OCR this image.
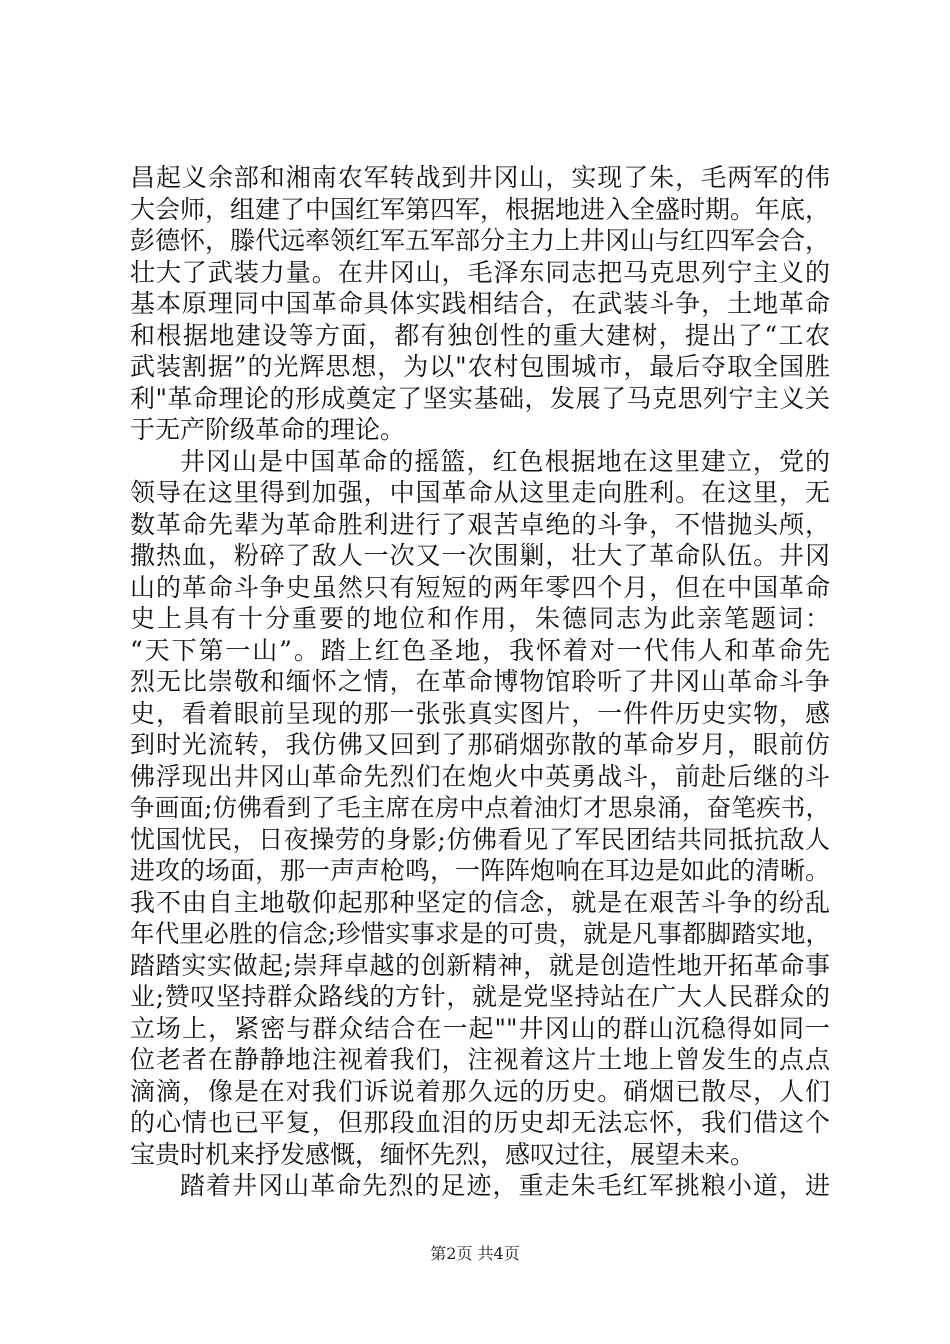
昌起义余部和湘南农军转战到井冈山，实现了朱，毛两军的伟
大会师，组建了中国红军第四军，根据地进入全盛时期。年底，
彭德怀，滕代远率领红军五军部分主力上井冈山与红四军会合，
壮大了武装力量。在井冈山，毛泽东同志把马克思列宁主义的
基本原理同中国革命具体实践相结合，在武装斗争，土地革命
和根据地建设等方面，都有独创性的重大建树，提出了“工农
武装割据”的光辉思想，为以"农村包围城市，最后夺取全国胜
利"革命理论的形成奠定了坚实基础，发展了马克思列宁主义关
于无产阶级革命的理论。
井冈山是中国革命的摇篮，红色根据地在这里建立，党的
领导在这里得到加强，中国革命从这里走向胜利。在这里，无
数革命先辈为革命胜利进行了艰苦卓绝的斗争，不惜抛头颅，
撒热血，粉碎了敌人一次又一次围剿，壮大了革命队伍。井冈
山的革命斗争史虽然只有短短的两年零四个月，但在中国革命
史上具有十分重要的地位和作用，朱德同志为此亲笔题词：
“天下第一山”。踏上红色圣地，我怀着对一代伟人和革命先
烈无比崇敬和缅怀之情，在革命博物馆聆听了井冈山革命斗争
史，看着眼前呈现的那一张张真实图片，一件件历史实物，感
到时光流转，我仿佛又回到了那硝烟弥散的革命岁月，眼前仿
佛浮现出井冈山革命先烈们在炮火中英勇战斗，前赴后继的斗
争画面;仿佛看到了毛主席在房中点着油灯才思泉涌，奋笔疾书，
忧国忧民，日夜操劳的身影;仿佛看见了军民团结共同抵抗敌人
进攻的场面，那一声声枪鸣，一阵阵炮响在耳边是如此的清晰。
我不由自主地敬仰起那种坚定的信念，就是在艰苦斗争的纷乱
年代里必胜的信念;珍惜实事求是的可贵，就是凡事都脚踏实地，
踏踏实实做起;崇拜卓越的创新精神，就是创造性地开拓革命事
业;赞叹坚持群众路线的方针，就是党坚持站在广大人民群众的
立场上，紧密与群众结合在一起""井冈山的群山沉稳得如同一
位老者在静静地注视着我们，注视着这片土地上曾发生的点点
滴滴，像是在对我们诉说着那久远的历史。硝烟已散尽，人们
的心情也已平复，但那段血泪的历史却无法忘怀，我们借这个
宝贵时机来抒发感慨，缅怀先烈，感叹过往，展望未来。
踏着井冈山革命先烈的足迹，重走朱毛红军挑粮小道，进
第2页 共4页
